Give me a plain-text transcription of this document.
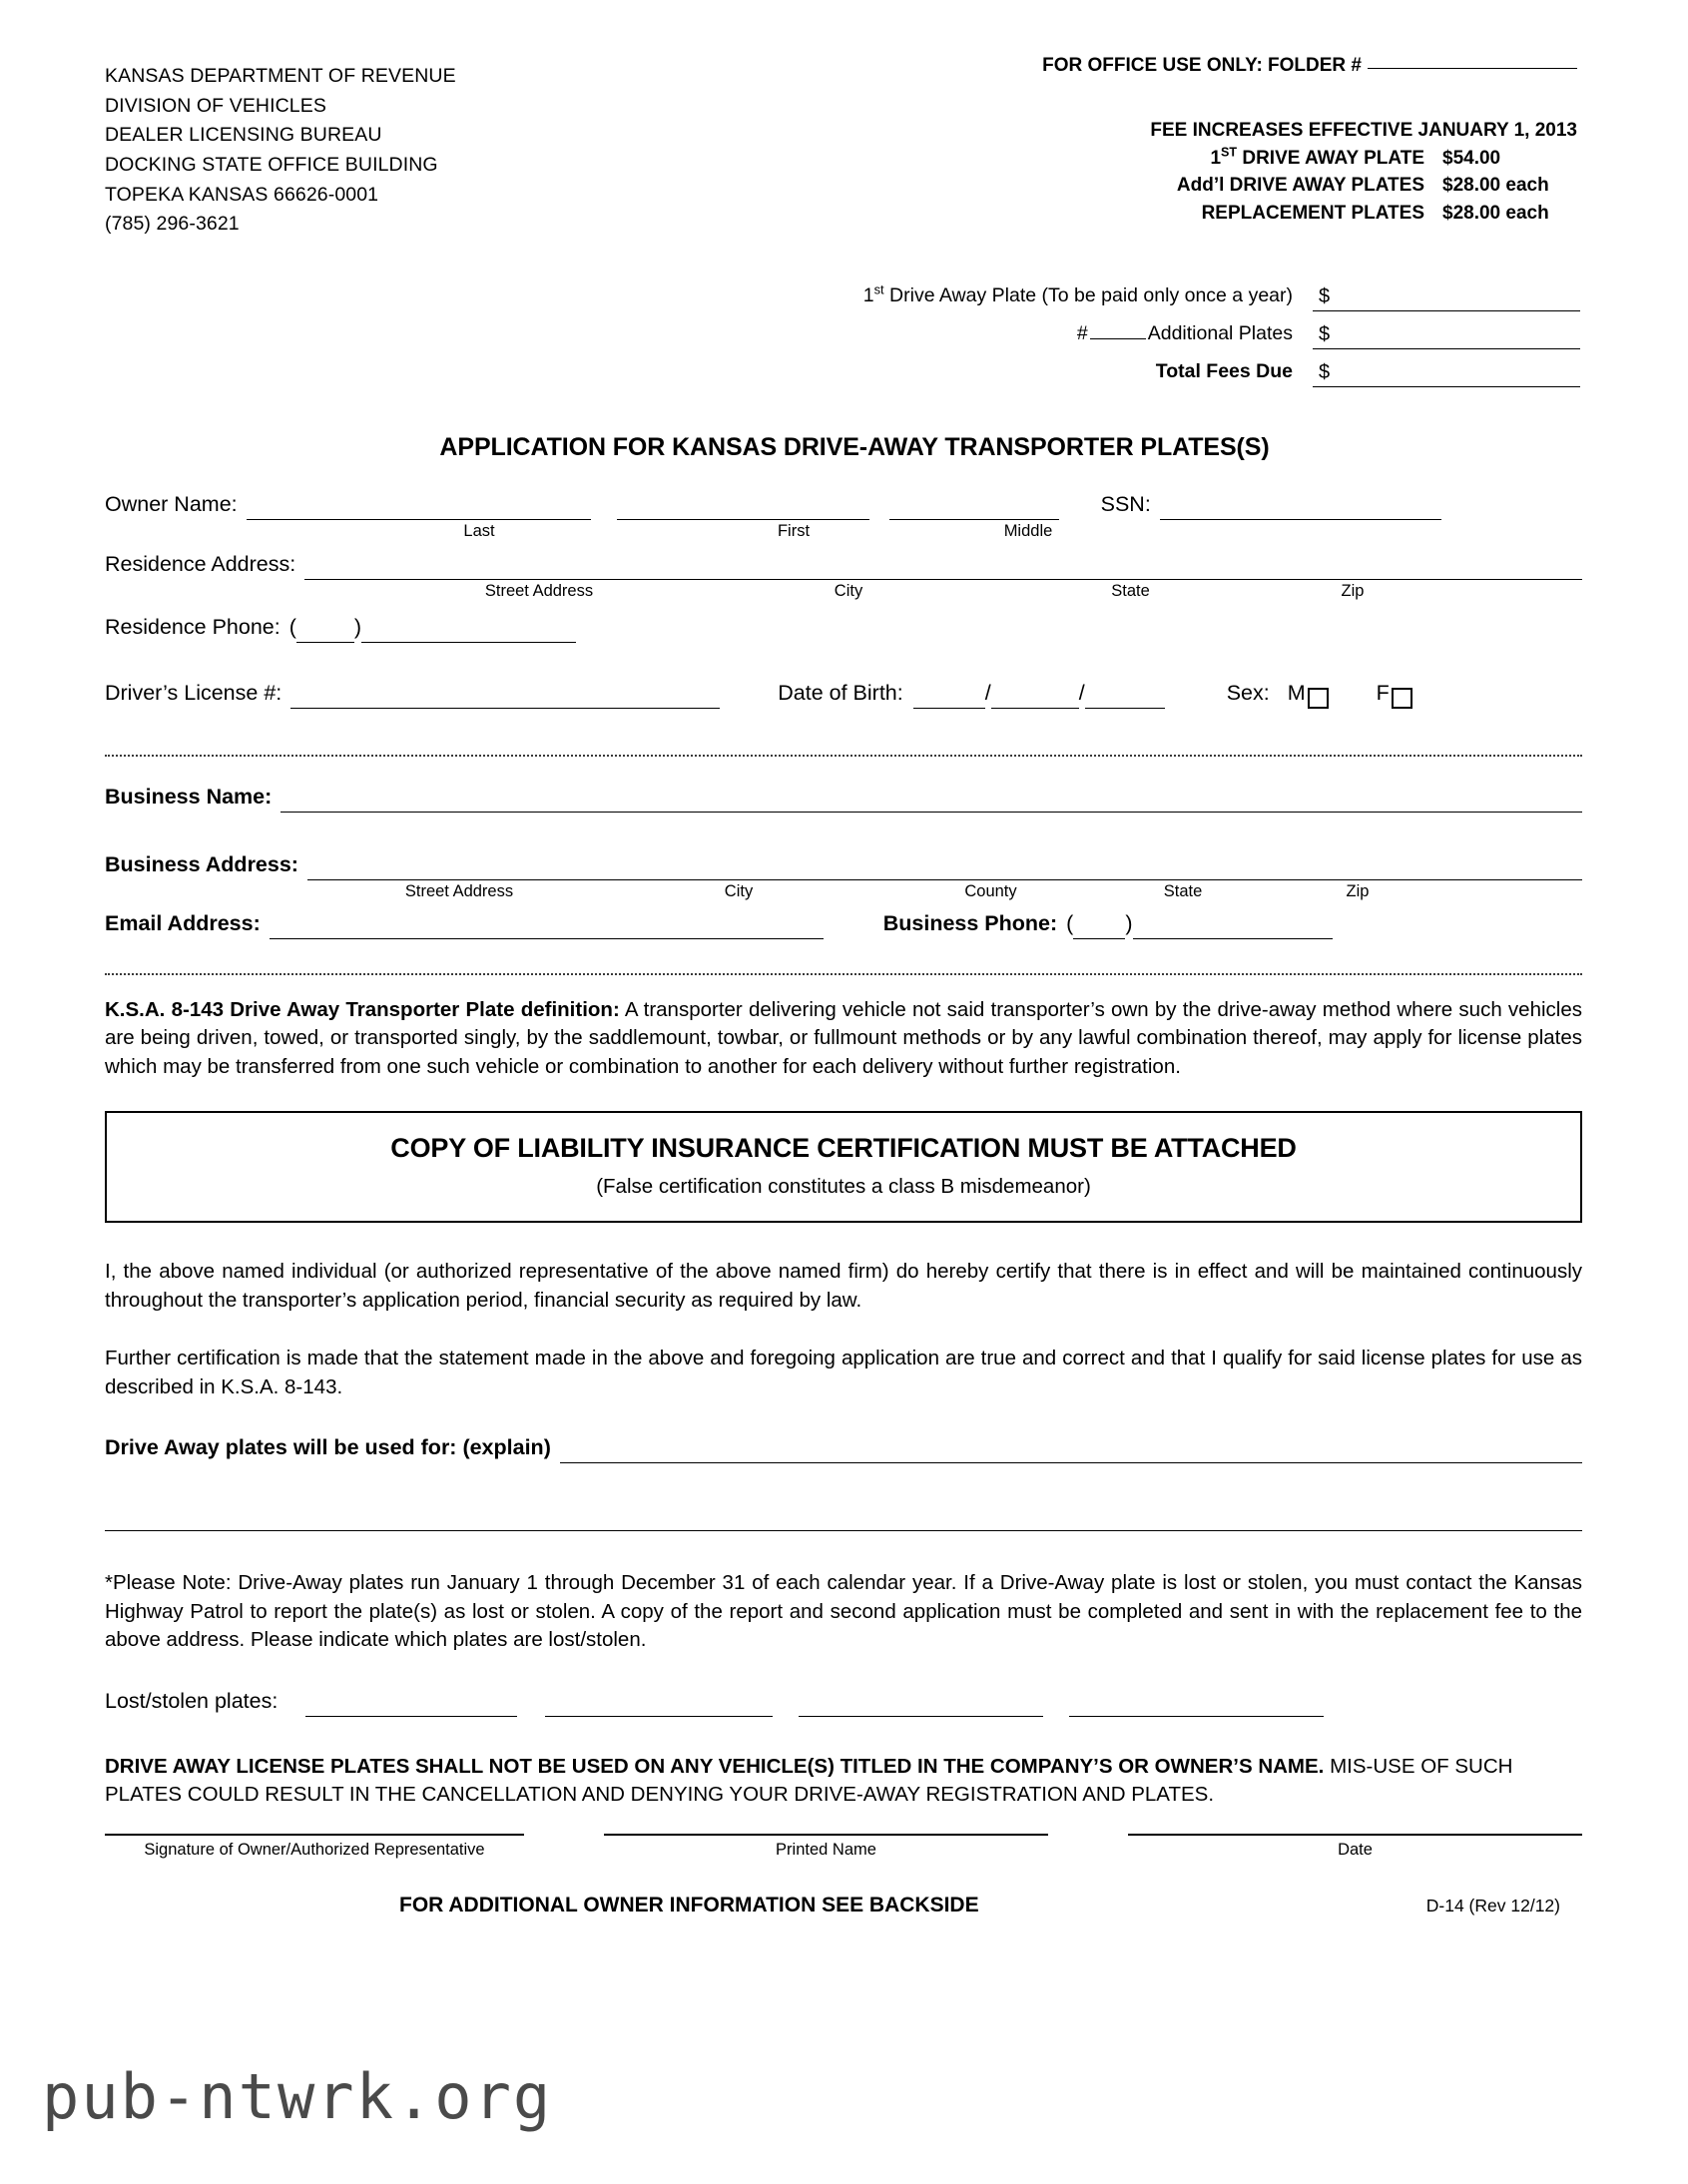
KANSAS DEPARTMENT OF REVENUE
DIVISION OF VEHICLES
DEALER LICENSING BUREAU
DOCKING STATE OFFICE BUILDING
TOPEKA KANSAS 66626-0001
(785) 296-3621
FOR OFFICE USE ONLY: FOLDER #
FEE INCREASES EFFECTIVE JANUARY 1, 2013
1ST DRIVE AWAY PLATE $54.00
Add’l DRIVE AWAY PLATES $28.00 each
REPLACEMENT PLATES $28.00 each
1st Drive Away Plate (To be paid only once a year)	$
#	Additional Plates	$
Total Fees Due	$
APPLICATION FOR KANSAS DRIVE-AWAY TRANSPORTER PLATES(S)
Owner Name:	SSN:
Last	First	Middle
Residence Address:
Street Address	City	State	Zip
Residence Phone: (	)
Driver’s License #:	Date of Birth:	/	/	Sex: M	F
Business Name:
Business Address:
Street Address	City	County	State	Zip
Email Address:	Business Phone: ( )

K.S.A. 8-143 Drive Away Transporter Plate definition: A transporter delivering vehicle not said transporter’s own by the drive-away method where such vehicles are being driven, towed, or transported singly, by the saddlemount, towbar, or fullmount methods or by any lawful combination thereof, may apply for license plates which may be transferred from one such vehicle or combination to another for each delivery without further registration.

COPY OF LIABILITY INSURANCE CERTIFICATION MUST BE ATTACHED
(False certification constitutes a class B misdemeanor)

I, the above named individual (or authorized representative of the above named firm) do hereby certify that there is in effect and will be maintained continuously throughout the transporter’s application period, financial security as required by law.

Further certification is made that the statement made in the above and foregoing application are true and correct and that I qualify for said license plates for use as described in K.S.A. 8-143.

Drive Away plates will be used for: (explain)

*Please Note: Drive-Away plates run January 1 through December 31 of each calendar year. If a Drive-Away plate is lost or stolen, you must contact the Kansas Highway Patrol to report the plate(s) as lost or stolen. A copy of the report and second application must be completed and sent in with the replacement fee to the above address. Please indicate which plates are lost/stolen.

Lost/stolen plates:

DRIVE AWAY LICENSE PLATES SHALL NOT BE USED ON ANY VEHICLE(S) TITLED IN THE COMPANY’S OR OWNER’S NAME. MIS-USE OF SUCH PLATES COULD RESULT IN THE CANCELLATION AND DENYING YOUR DRIVE-AWAY REGISTRATION AND PLATES.

Signature of Owner/Authorized Representative	Printed Name	Date
FOR ADDITIONAL OWNER INFORMATION SEE BACKSIDE	D-14 (Rev 12/12)
pub-ntwrk.org
